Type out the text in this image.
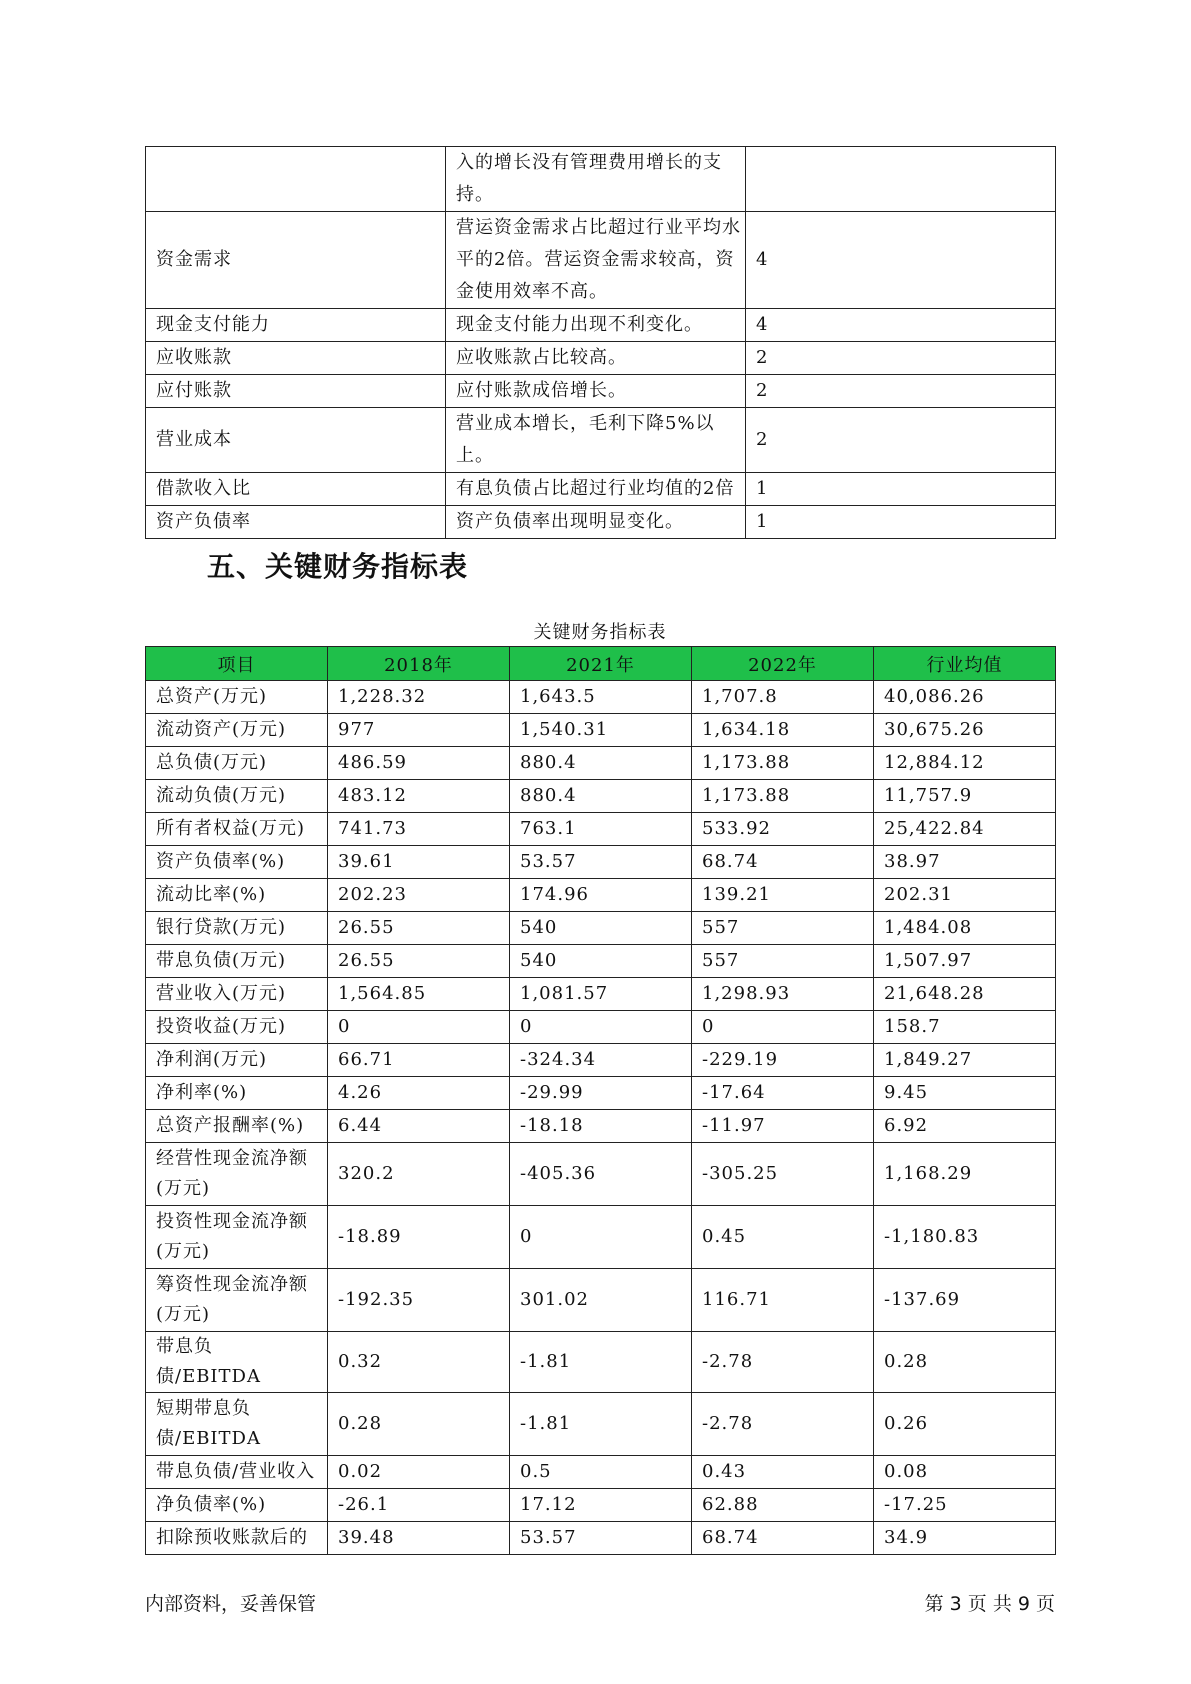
	入的增长没有管理费用增长的支持。	
资金需求	营运资金需求占比超过行业平均水平的2倍。营运资金需求较高，资金使用效率不高。	4
现金支付能力	现金支付能力出现不利变化。	4
应收账款	应收账款占比较高。	2
应付账款	应付账款成倍增长。	2
营业成本	营业成本增长，毛利下降5%以上。	2
借款收入比	有息负债占比超过行业均值的2倍	1
资产负债率	资产负债率出现明显变化。	1
五、关键财务指标表
关键财务指标表
项目	2018年	2021年	2022年	行业均值
总资产(万元)	1,228.32	1,643.5	1,707.8	40,086.26
流动资产(万元)	977	1,540.31	1,634.18	30,675.26
总负债(万元)	486.59	880.4	1,173.88	12,884.12
流动负债(万元)	483.12	880.4	1,173.88	11,757.9
所有者权益(万元)	741.73	763.1	533.92	25,422.84
资产负债率(%)	39.61	53.57	68.74	38.97
流动比率(%)	202.23	174.96	139.21	202.31
银行贷款(万元)	26.55	540	557	1,484.08
带息负债(万元)	26.55	540	557	1,507.97
营业收入(万元)	1,564.85	1,081.57	1,298.93	21,648.28
投资收益(万元)	0	0	0	158.7
净利润(万元)	66.71	-324.34	-229.19	1,849.27
净利率(%)	4.26	-29.99	-17.64	9.45
总资产报酬率(%)	6.44	-18.18	-11.97	6.92
经营性现金流净额(万元)	320.2	-405.36	-305.25	1,168.29
投资性现金流净额(万元)	-18.89	0	0.45	-1,180.83
筹资性现金流净额(万元)	-192.35	301.02	116.71	-137.69
带息负债/EBITDA	0.32	-1.81	-2.78	0.28
短期带息负债/EBITDA	0.28	-1.81	-2.78	0.26
带息负债/营业收入	0.02	0.5	0.43	0.08
净负债率(%)	-26.1	17.12	62.88	-17.25
扣除预收账款后的	39.48	53.57	68.74	34.9
内部资料，妥善保管	第 3 页 共 9 页
